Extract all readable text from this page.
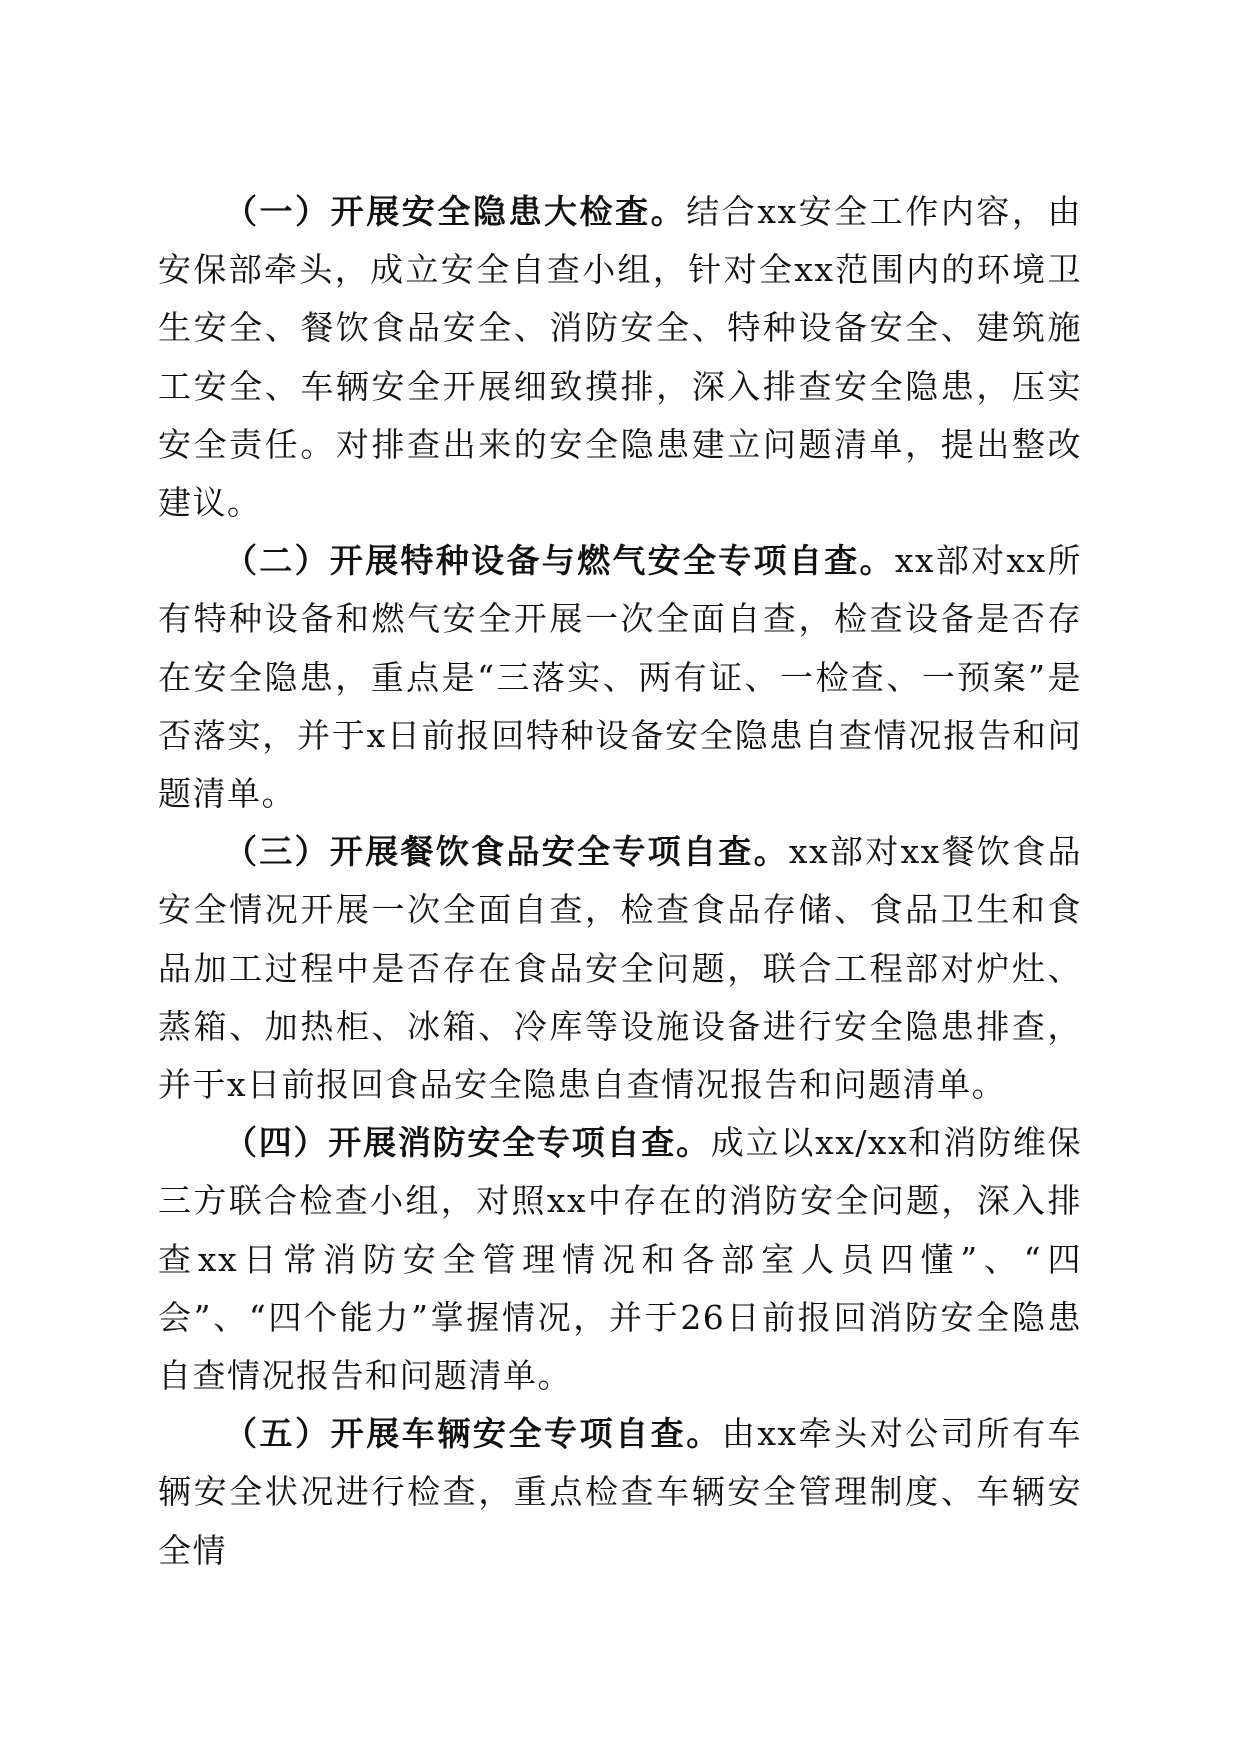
（一）开展安全隐患大检查。结合xx安全工作内容，由安保部牵头，成立安全自查小组，针对全xx范围内的环境卫生安全、餐饮食品安全、消防安全、特种设备安全、建筑施工安全、车辆安全开展细致摸排，深入排查安全隐患，压实安全责任。对排查出来的安全隐患建立问题清单，提出整改建议。

（二）开展特种设备与燃气安全专项自查。xx部对xx所有特种设备和燃气安全开展一次全面自查，检查设备是否存在安全隐患，重点是“三落实、两有证、一检查、一预案”是否落实，并于x日前报回特种设备安全隐患自查情况报告和问题清单。

（三）开展餐饮食品安全专项自查。xx部对xx餐饮食品安全情况开展一次全面自查，检查食品存储、食品卫生和食品加工过程中是否存在食品安全问题，联合工程部对炉灶、蒸箱、加热柜、冰箱、冷库等设施设备进行安全隐患排查，并于x日前报回食品安全隐患自查情况报告和问题清单。

（四）开展消防安全专项自查。成立以xx/xx和消防维保三方联合检查小组，对照xx中存在的消防安全问题，深入排查xx日常消防安全管理情况和各部室人员四懂”、“四会”、“四个能力”掌握情况，并于26日前报回消防安全隐患自查情况报告和问题清单。

（五）开展车辆安全专项自查。由xx牵头对公司所有车辆安全状况进行检查，重点检查车辆安全管理制度、车辆安全情
